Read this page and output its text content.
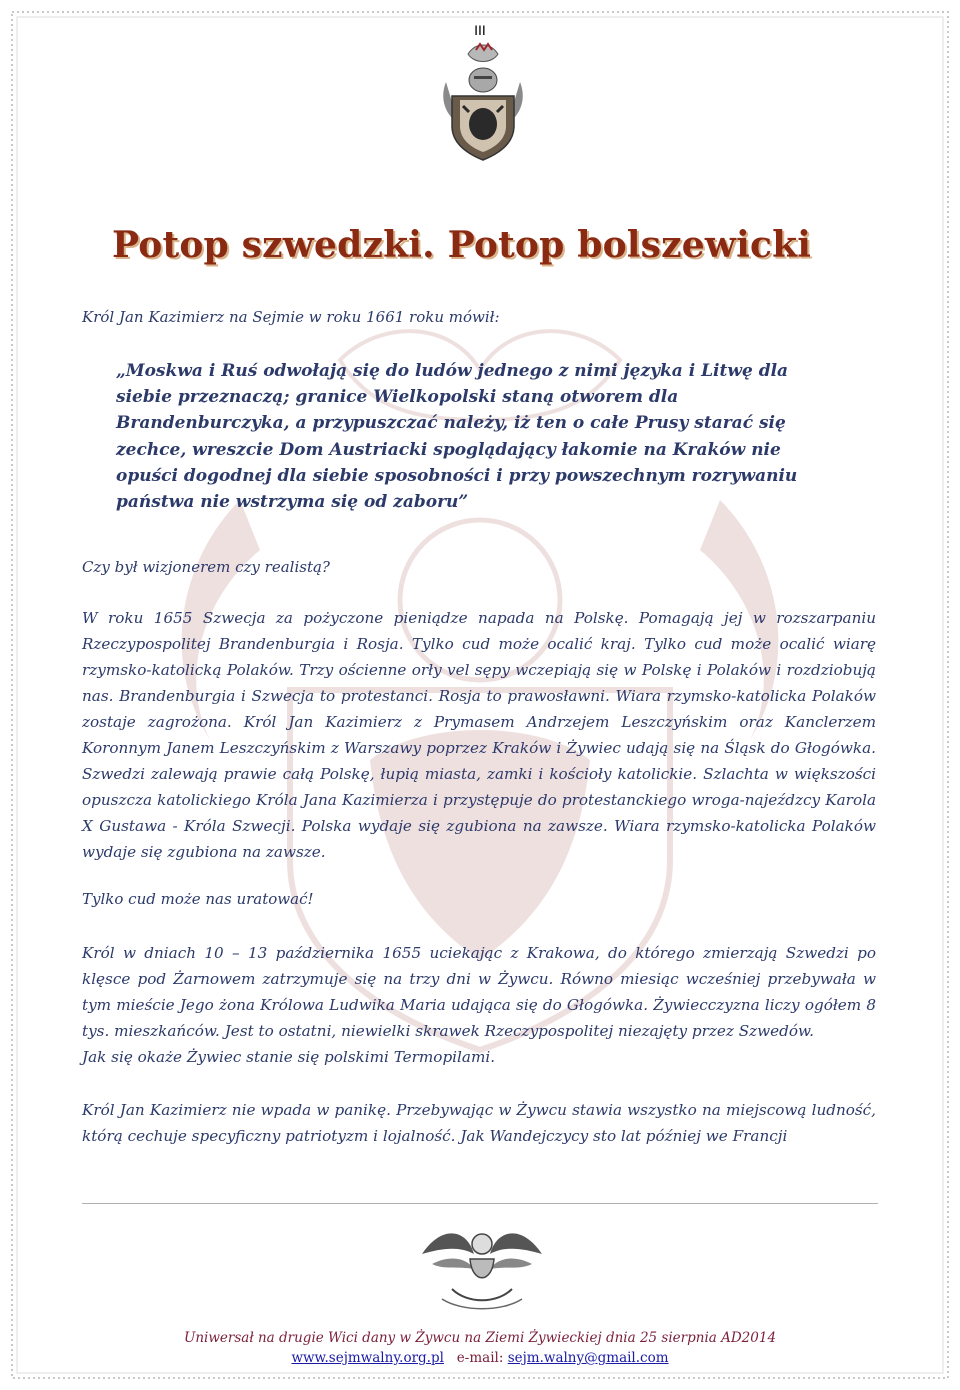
III
Potop szwedzki. Potop bolszewicki
Król Jan Kazimierz na Sejmie w roku 1661 roku mówił:
„Moskwa i Ruś odwołają się do ludów jednego z nimi języka i Litwę dla siebie przeznaczą; granice Wielkopolski staną otworem dla Brandenburczyka, a przypuszczać należy, iż ten o całe Prusy starać się zechce, wreszcie Dom Austriacki spoglądający łakomie na Kraków nie opuści dogodnej dla siebie sposobności i przy powszechnym rozrywaniu państwa nie wstrzyma się od zaboru”
Czy był wizjonerem czy realistą?
W roku 1655 Szwecja za pożyczone pieniądze napada na Polskę. Pomagają jej w rozszarpaniu Rzeczypospolitej Brandenburgia i Rosja. Tylko cud może ocalić kraj. Tylko cud może ocalić wiarę rzymsko-katolicką Polaków. Trzy ościenne orły vel sępy wczepiają się w Polskę i Polaków i rozdziobują nas. Brandenburgia i Szwecja to protestanci. Rosja to prawosławni. Wiara rzymsko-katolicka Polaków zostaje zagrożona. Król Jan Kazimierz z Prymasem Andrzejem Leszczyńskim oraz Kanclerzem Koronnym Janem Leszczyńskim z Warszawy poprzez Kraków i Żywiec udają się na Śląsk do Głogówka. Szwedzi zalewają prawie całą Polskę, łupią miasta, zamki i kościoły katolickie. Szlachta w większości opuszcza katolickiego Króla Jana Kazimierza i przystępuje do protestanckiego wroga-najeźdzcy Karola X Gustawa - Króla Szwecji. Polska wydaje się zgubiona na zawsze. Wiara rzymsko-katolicka Polaków wydaje się zgubiona na zawsze.
Tylko cud może nas uratować!
Król w dniach 10 – 13 października 1655 uciekając z Krakowa, do którego zmierzają Szwedzi po klęsce pod Żarnowem zatrzymuje się na trzy dni w Żywcu. Równo miesiąc wcześniej przebywała w tym mieście Jego żona Królowa Ludwika Maria udająca się do Głogówka. Żywiecczyzna liczy ogółem 8 tys. mieszkańców. Jest to ostatni, niewielki skrawek Rzeczypospolitej niezajęty przez Szwedów.
Jak się okaże Żywiec stanie się polskimi Termopilami.
Król Jan Kazimierz nie wpada w panikę. Przebywając w Żywcu stawia wszystko na miejscową ludność, którą cechuje specyficzny patriotyzm i lojalność. Jak Wandejczycy sto lat później we Francji
Uniwersał na drugie Wici dany w Żywcu na Ziemi Żywieckiej dnia 25 sierpnia AD2014
www.sejmwalny.org.pl e-mail: sejm.walny@gmail.com
